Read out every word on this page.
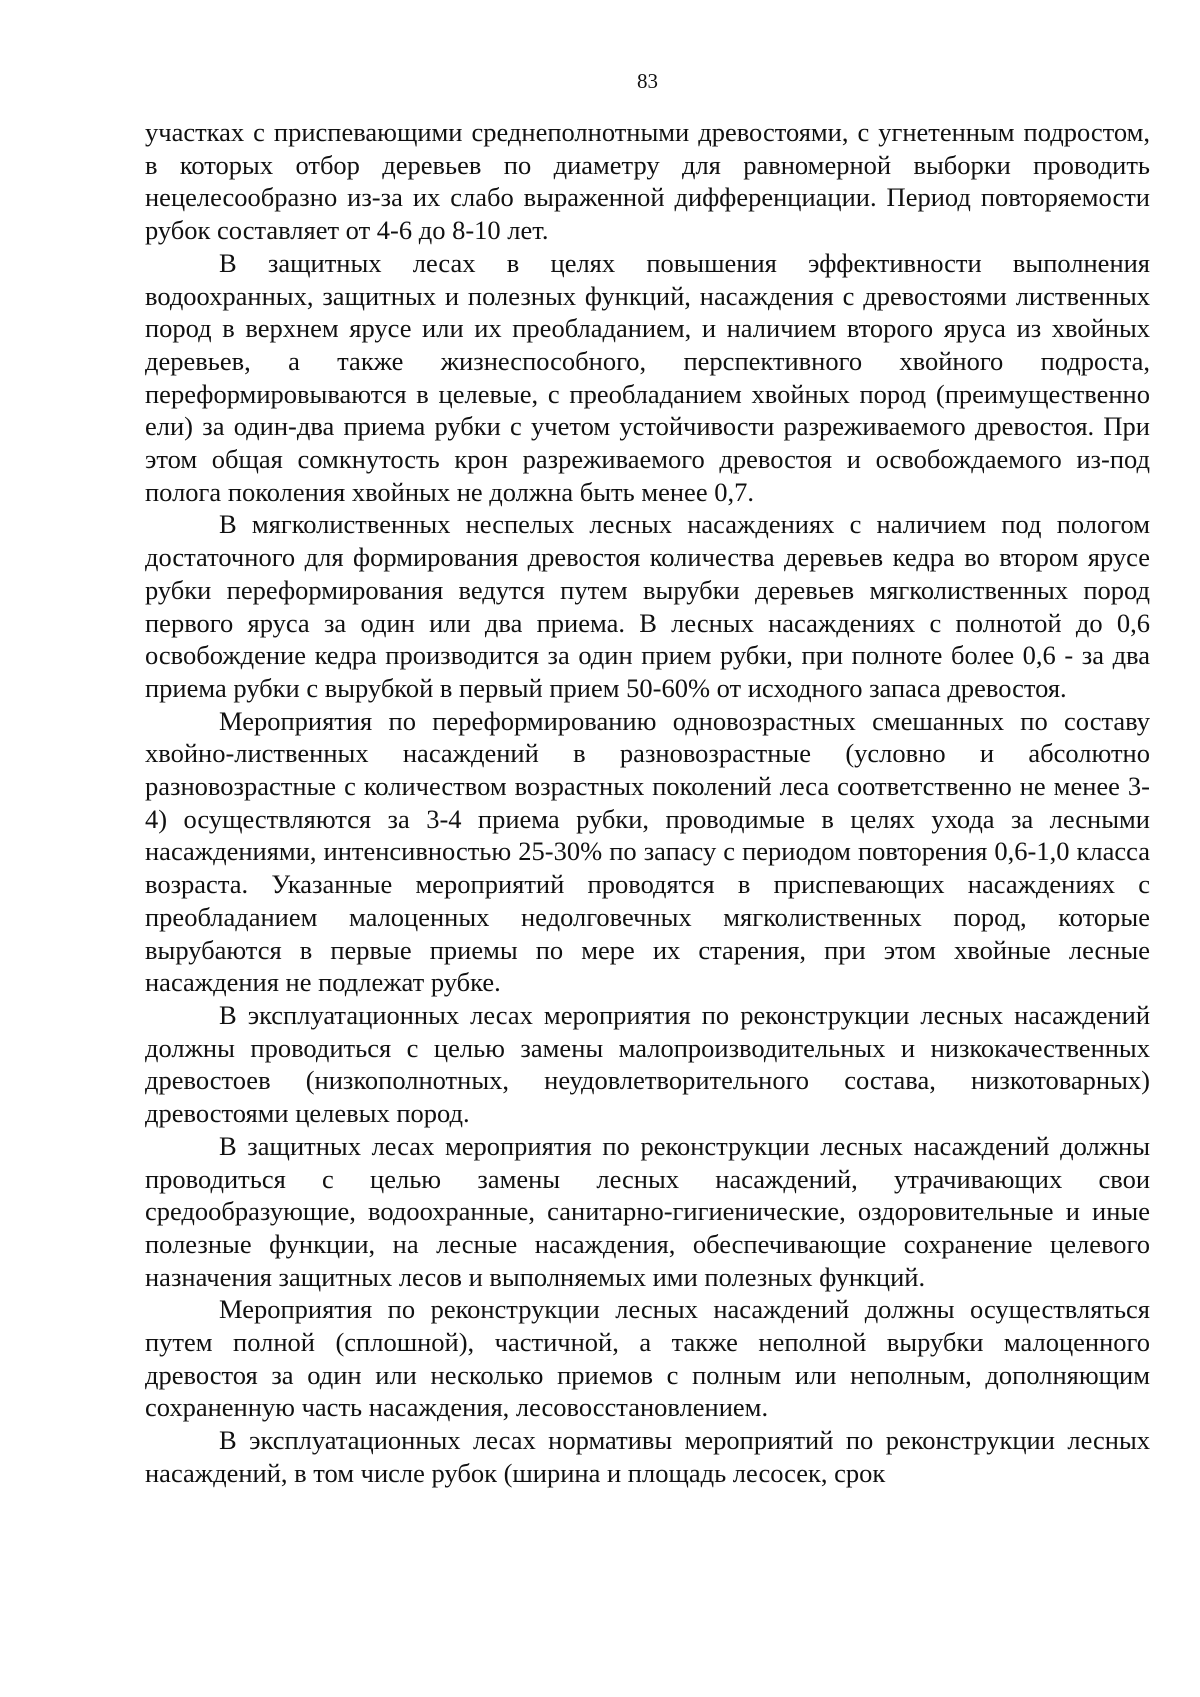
83

участках с приспевающими среднеполнотными древостоями, с угнетенным подростом, в которых отбор деревьев по диаметру для равномерной выборки проводить нецелесообразно из-за их слабо выраженной дифференциации. Период повторяемости рубок составляет от 4-6 до 8-10 лет.

В защитных лесах в целях повышения эффективности выполнения водоохранных, защитных и полезных функций, насаждения с древостоями лиственных пород в верхнем ярусе или их преобладанием, и наличием второго яруса из хвойных деревьев, а также жизнеспособного, перспективного хвойного подроста, переформировываются в целевые, с преобладанием хвойных пород (преимущественно ели) за один-два приема рубки с учетом устойчивости разреживаемого древостоя. При этом общая сомкнутость крон разреживаемого древостоя и освобождаемого из-под полога поколения хвойных не должна быть менее 0,7.

В мягколиственных неспелых лесных насаждениях с наличием под пологом достаточного для формирования древостоя количества деревьев кедра во втором ярусе рубки переформирования ведутся путем вырубки деревьев мягколиственных пород первого яруса за один или два приема. В лесных насаждениях с полнотой до 0,6 освобождение кедра производится за один прием рубки, при полноте более 0,6 - за два приема рубки с вырубкой в первый прием 50-60% от исходного запаса древостоя.

Мероприятия по переформированию одновозрастных смешанных по составу хвойно-лиственных насаждений в разновозрастные (условно и абсолютно разновозрастные с количеством возрастных поколений леса соответственно не менее 3-4) осуществляются за 3-4 приема рубки, проводимые в целях ухода за лесными насаждениями, интенсивностью 25-30% по запасу с периодом повторения 0,6-1,0 класса возраста. Указанные мероприятий проводятся в приспевающих насаждениях с преобладанием малоценных недолговечных мягколиственных пород, которые вырубаются в первые приемы по мере их старения, при этом хвойные лесные насаждения не подлежат рубке.

В эксплуатационных лесах мероприятия по реконструкции лесных насаждений должны проводиться с целью замены малопроизводительных и низкокачественных древостоев (низкополнотных, неудовлетворительного состава, низкотоварных) древостоями целевых пород.

В защитных лесах мероприятия по реконструкции лесных насаждений должны проводиться с целью замены лесных насаждений, утрачивающих свои средообразующие, водоохранные, санитарно-гигиенические, оздоровительные и иные полезные функции, на лесные насаждения, обеспечивающие сохранение целевого назначения защитных лесов и выполняемых ими полезных функций.

Мероприятия по реконструкции лесных насаждений должны осуществляться путем полной (сплошной), частичной, а также неполной вырубки малоценного древостоя за один или несколько приемов с полным или неполным, дополняющим сохраненную часть насаждения, лесовосстановлением.

В эксплуатационных лесах нормативы мероприятий по реконструкции лесных насаждений, в том числе рубок (ширина и площадь лесосек, срок
